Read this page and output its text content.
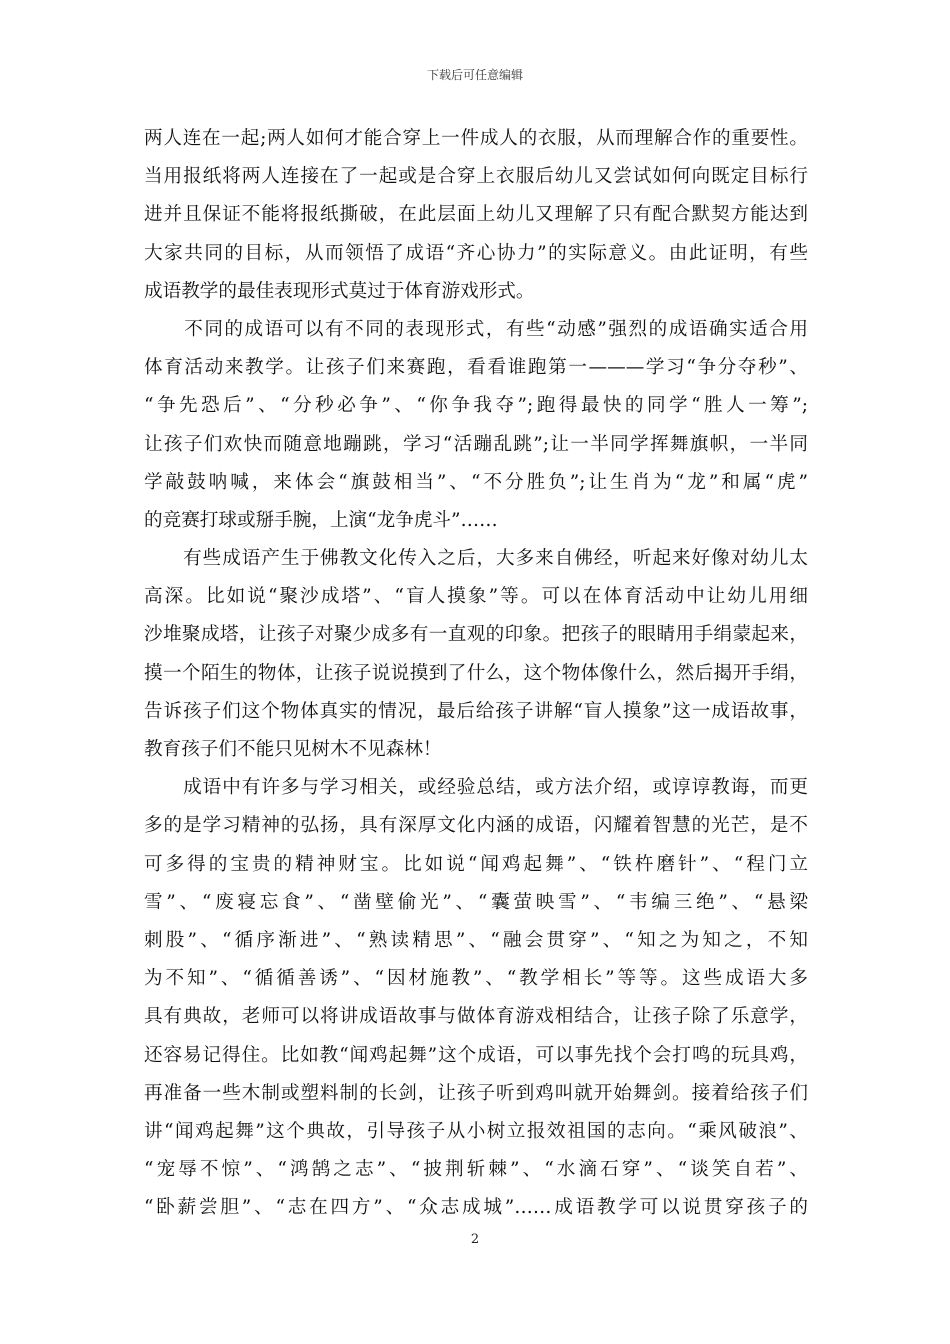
下载后可任意编辑
两人连在一起;两人如何才能合穿上一件成人的衣服，从而理解合作的重要性。
当用报纸将两人连接在了一起或是合穿上衣服后幼儿又尝试如何向既定目标行
进并且保证不能将报纸撕破，在此层面上幼儿又理解了只有配合默契方能达到
大家共同的目标，从而领悟了成语“齐心协力”的实际意义。由此证明，有些
成语教学的最佳表现形式莫过于体育游戏形式。
　　不同的成语可以有不同的表现形式，有些“动感”强烈的成语确实适合用
体育活动来教学。让孩子们来赛跑，看看谁跑第一———学习“争分夺秒”、
“争先恐后”、“分秒必争”、“你争我夺”;跑得最快的同学“胜人一筹”;
让孩子们欢快而随意地蹦跳，学习“活蹦乱跳”;让一半同学挥舞旗帜，一半同
学敲鼓呐喊，来体会“旗鼓相当”、“不分胜负”;让生肖为“龙”和属“虎”
的竞赛打球或掰手腕，上演“龙争虎斗”……
　　有些成语产生于佛教文化传入之后，大多来自佛经，听起来好像对幼儿太
高深。比如说“聚沙成塔”、“盲人摸象”等。可以在体育活动中让幼儿用细
沙堆聚成塔，让孩子对聚少成多有一直观的印象。把孩子的眼睛用手绢蒙起来，
摸一个陌生的物体，让孩子说说摸到了什么，这个物体像什么，然后揭开手绢，
告诉孩子们这个物体真实的情况，最后给孩子讲解“盲人摸象”这一成语故事，
教育孩子们不能只见树木不见森林！
　　成语中有许多与学习相关，或经验总结，或方法介绍，或谆谆教诲，而更
多的是学习精神的弘扬，具有深厚文化内涵的成语，闪耀着智慧的光芒，是不
可多得的宝贵的精神财宝。比如说“闻鸡起舞”、“铁杵磨针”、“程门立
雪”、“废寝忘食”、“凿壁偷光”、“囊萤映雪”、“韦编三绝”、“悬梁
刺股”、“循序渐进”、“熟读精思”、“融会贯穿”、“知之为知之，不知
为不知”、“循循善诱”、“因材施教”、“教学相长”等等。这些成语大多
具有典故，老师可以将讲成语故事与做体育游戏相结合，让孩子除了乐意学，
还容易记得住。比如教“闻鸡起舞”这个成语，可以事先找个会打鸣的玩具鸡，
再准备一些木制或塑料制的长剑，让孩子听到鸡叫就开始舞剑。接着给孩子们
讲“闻鸡起舞”这个典故，引导孩子从小树立报效祖国的志向。“乘风破浪”、
“宠辱不惊”、“鸿鹄之志”、“披荆斩棘”、“水滴石穿”、“谈笑自若”、
“卧薪尝胆”、“志在四方”、“众志成城”……成语教学可以说贯穿孩子的
2
